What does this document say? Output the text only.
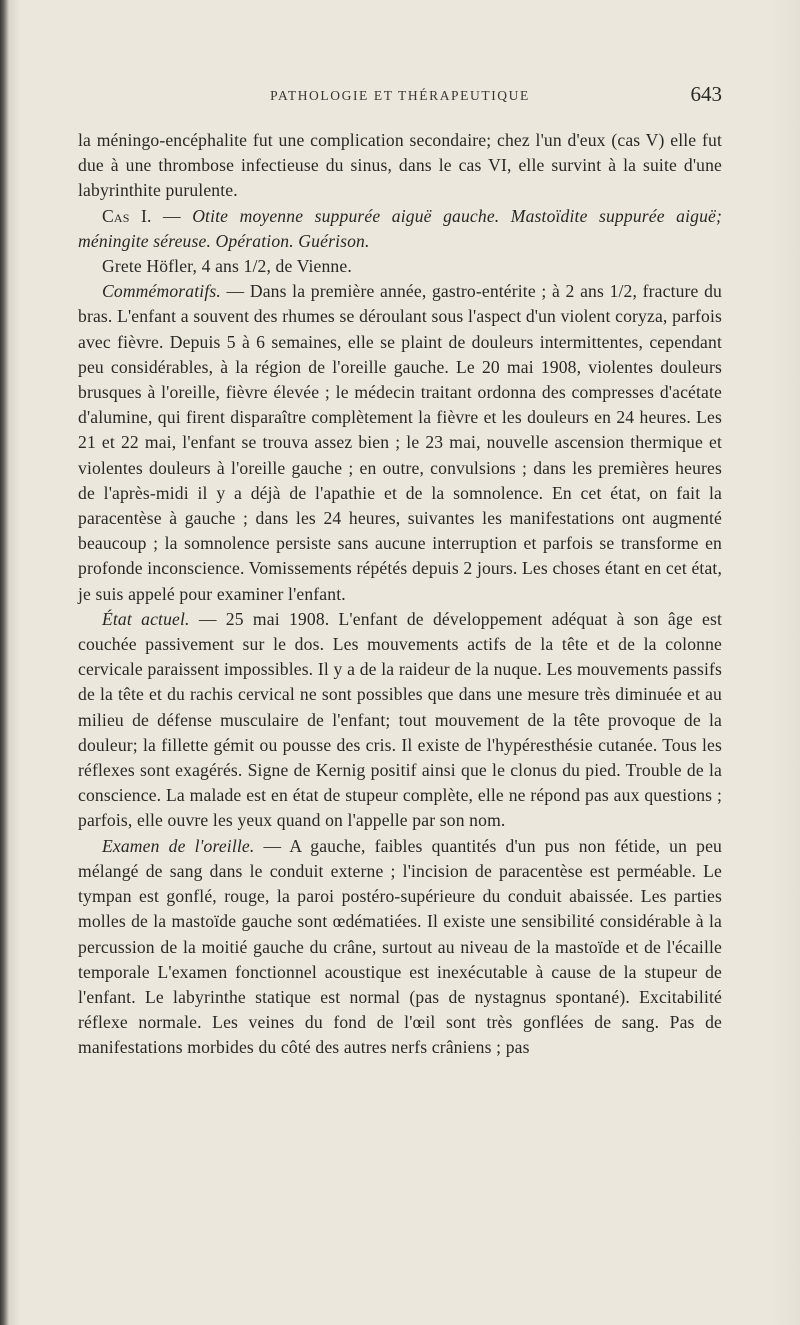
PATHOLOGIE ET THÉRAPEUTIQUE	643

la méningo-encéphalite fut une complication secondaire; chez l'un d'eux (cas V) elle fut due à une thrombose infectieuse du sinus, dans le cas VI, elle survint à la suite d'une labyrinthite purulente.

Cas I. — Otite moyenne suppurée aiguë gauche. Mastoïdite suppurée aiguë; méningite séreuse. Opération. Guérison.

Grete Höfler, 4 ans 1/2, de Vienne.

Commémoratifs. — Dans la première année, gastro-entérite ; à 2 ans 1/2, fracture du bras. L'enfant a souvent des rhumes se déroulant sous l'aspect d'un violent coryza, parfois avec fièvre. Depuis 5 à 6 semaines, elle se plaint de douleurs intermittentes, cependant peu considérables, à la région de l'oreille gauche. Le 20 mai 1908, violentes douleurs brusques à l'oreille, fièvre élevée ; le médecin traitant ordonna des compresses d'acétate d'alumine, qui firent disparaître complètement la fièvre et les douleurs en 24 heures. Les 21 et 22 mai, l'enfant se trouva assez bien ; le 23 mai, nouvelle ascension thermique et violentes douleurs à l'oreille gauche ; en outre, convulsions ; dans les premières heures de l'après-midi il y a déjà de l'apathie et de la somnolence. En cet état, on fait la paracentèse à gauche ; dans les 24 heures, suivantes les manifestations ont augmenté beaucoup ; la somnolence persiste sans aucune interruption et parfois se transforme en profonde inconscience. Vomissements répétés depuis 2 jours. Les choses étant en cet état, je suis appelé pour examiner l'enfant.

État actuel. — 25 mai 1908. L'enfant de développement adéquat à son âge est couchée passivement sur le dos. Les mouvements actifs de la tête et de la colonne cervicale paraissent impossibles. Il y a de la raideur de la nuque. Les mouvements passifs de la tête et du rachis cervical ne sont possibles que dans une mesure très diminuée et au milieu de défense musculaire de l'enfant; tout mouvement de la tête provoque de la douleur; la fillette gémit ou pousse des cris. Il existe de l'hypéresthésie cutanée. Tous les réflexes sont exagérés. Signe de Kernig positif ainsi que le clonus du pied. Trouble de la conscience. La malade est en état de stupeur complète, elle ne répond pas aux questions ; parfois, elle ouvre les yeux quand on l'appelle par son nom.

Examen de l'oreille. — A gauche, faibles quantités d'un pus non fétide, un peu mélangé de sang dans le conduit externe ; l'incision de paracentèse est perméable. Le tympan est gonflé, rouge, la paroi postéro-supérieure du conduit abaissée. Les parties molles de la mastoïde gauche sont œdématiées. Il existe une sensibilité considérable à la percussion de la moitié gauche du crâne, surtout au niveau de la mastoïde et de l'écaille temporale L'examen fonctionnel acoustique est inexécutable à cause de la stupeur de l'enfant. Le labyrinthe statique est normal (pas de nystagnus spontané). Excitabilité réflexe normale. Les veines du fond de l'œil sont très gonflées de sang. Pas de manifestations morbides du côté des autres nerfs crâniens ; pas
